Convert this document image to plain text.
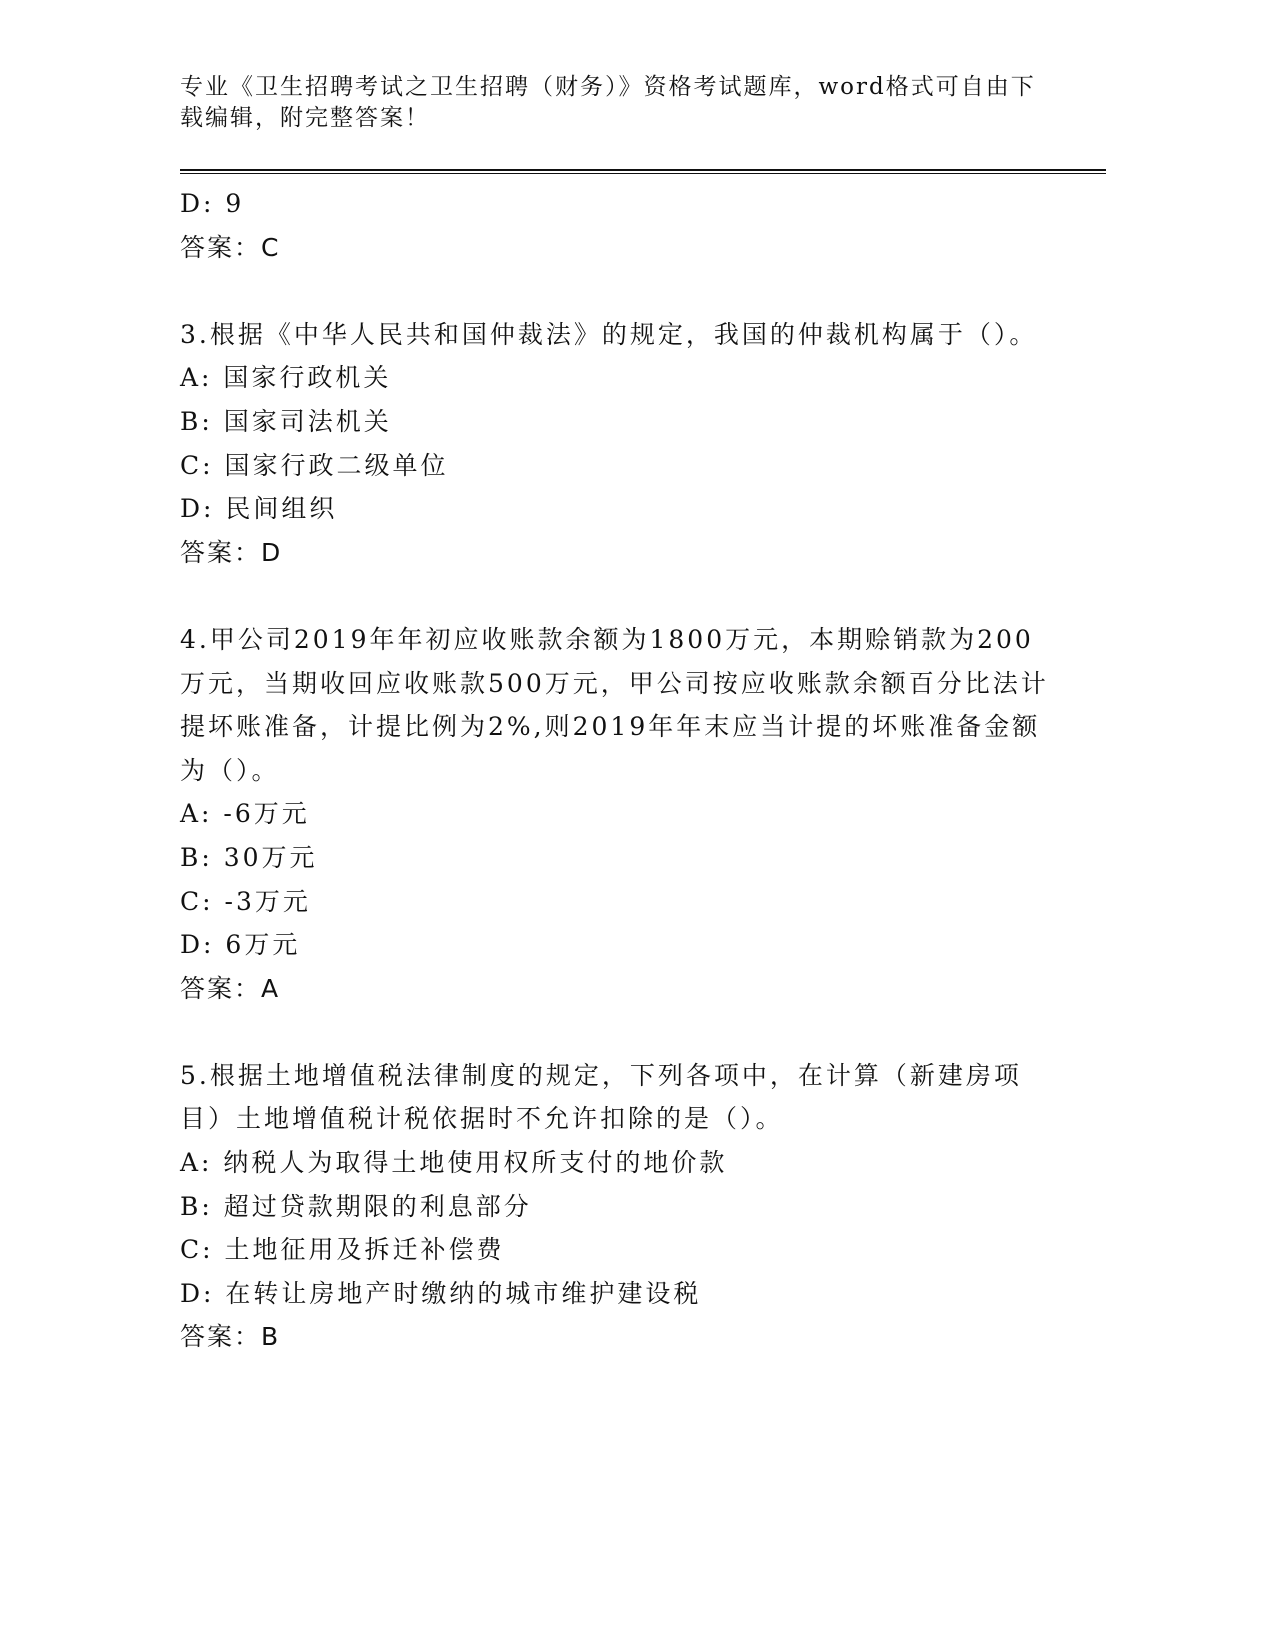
专业《卫生招聘考试之卫生招聘（财务）》资格考试题库，word格式可自由下载编辑，附完整答案！
D: 9
答案：C
3.根据《中华人民共和国仲裁法》的规定，我国的仲裁机构属于（）。
A: 国家行政机关
B: 国家司法机关
C: 国家行政二级单位
D: 民间组织
答案：D
4.甲公司2019年年初应收账款余额为1800万元，本期赊销款为200万元，当期收回应收账款500万元，甲公司按应收账款余额百分比法计提坏账准备，计提比例为2%,则2019年年末应当计提的坏账准备金额为（）。
A: -6万元
B: 30万元
C: -3万元
D: 6万元
答案：A
5.根据土地增值税法律制度的规定，下列各项中，在计算（新建房项目）土地增值税计税依据时不允许扣除的是（）。
A: 纳税人为取得土地使用权所支付的地价款
B: 超过贷款期限的利息部分
C: 土地征用及拆迁补偿费
D: 在转让房地产时缴纳的城市维护建设税
答案：B
